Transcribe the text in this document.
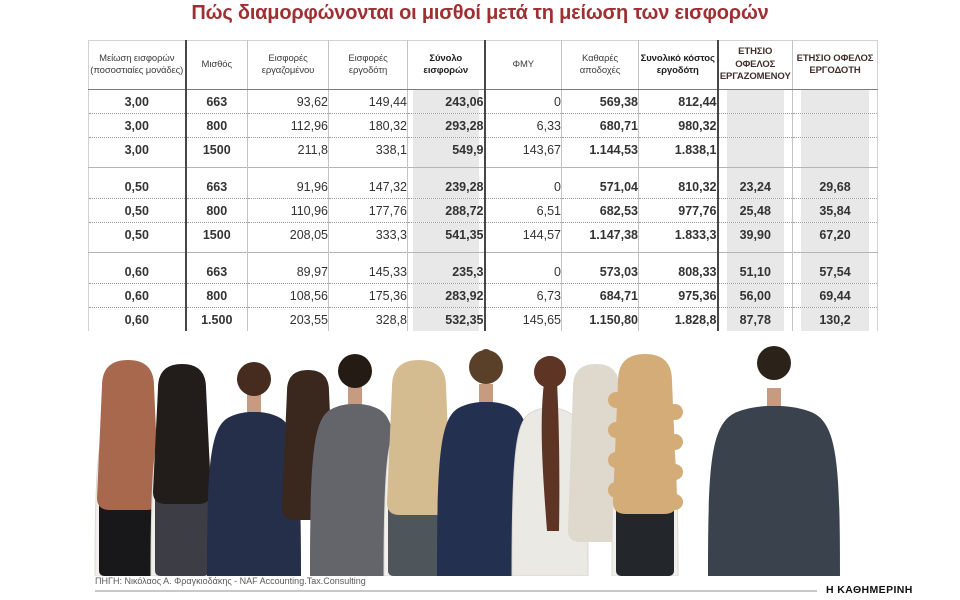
Πώς διαμορφώνονται οι μισθοί μετά τη μείωση των εισφορών
Μείωση εισφορών (ποσοστιαίες μονάδες)	Μισθός	Εισφορές εργαζομένου	Εισφορές εργοδότη	Σύνολο εισφορών	ΦΜΥ	Καθαρές αποδοχές	Συνολικό κόστος εργοδότη	ΕΤΗΣΙΟ ΟΦΕΛΟΣ ΕΡΓΑΖΟΜΕΝΟΥ	ΕΤΗΣΙΟ ΟΦΕΛΟΣ ΕΡΓΟΔΟΤΗ
3,00	663	93,62	149,44	243,06	0	569,38	812,44		
3,00	800	112,96	180,32	293,28	6,33	680,71	980,32		
3,00	1500	211,8	338,1	549,9	143,67	1.144,53	1.838,1		

0,50	663	91,96	147,32	239,28	0	571,04	810,32	23,24	29,68
0,50	800	110,96	177,76	288,72	6,51	682,53	977,76	25,48	35,84
0,50	1500	208,05	333,3	541,35	144,57	1.147,38	1.833,3	39,90	67,20

0,60	663	89,97	145,33	235,3	0	573,03	808,33	51,10	57,54
0,60	800	108,56	175,36	283,92	6,73	684,71	975,36	56,00	69,44
0,60	1.500	203,55	328,8	532,35	145,65	1.150,80	1.828,8	87,78	130,2
ΠΗΓΗ: Νικόλαος Α. Φραγκιοδάκης - NAF Accounting.Tax.Consulting
Η ΚΑΘΗΜΕΡΙΝΗ
